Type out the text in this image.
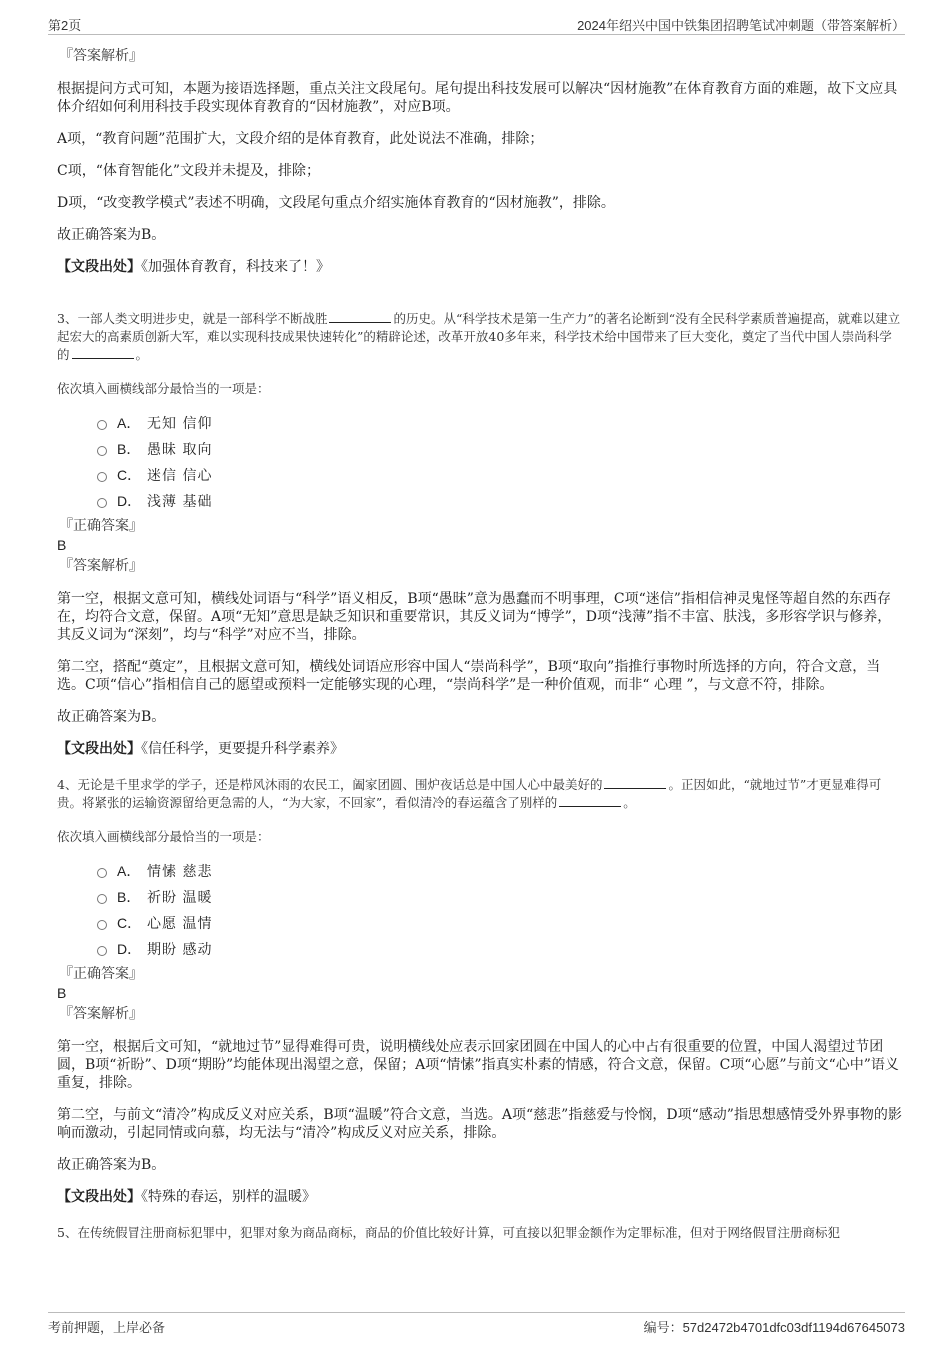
第2页	2024年绍兴中国中铁集团招聘笔试冲刺题（带答案解析）
『答案解析』

根据提问方式可知，本题为接语选择题，重点关注文段尾句。尾句提出科技发展可以解决“因材施教”在体育教育方面的难题，故下文应具体介绍如何利用科技手段实现体育教育的“因材施教”，对应B项。

A项，“教育问题”范围扩大，文段介绍的是体育教育，此处说法不准确，排除；

C项，“体育智能化”文段并未提及，排除；

D项，“改变教学模式”表述不明确，文段尾句重点介绍实施体育教育的“因材施教”，排除。

故正确答案为B。

【文段出处】《加强体育教育，科技来了！》

3、一部人类文明进步史，就是一部科学不断战胜	的历史。从“科学技术是第一生产力”的著名论断到“没有全民科学素质普遍提高，就难以建立起宏大的高素质创新大军，难以实现科技成果快速转化”的精辟论述，改革开放40多年来，科学技术给中国带来了巨大变化，奠定了当代中国人崇尚科学的	。

依次填入画横线部分最恰当的一项是：

A． 无知 信仰
B． 愚昧 取向
C． 迷信 信心
D． 浅薄 基础
『正确答案』
B
『答案解析』

第一空，根据文意可知，横线处词语与“科学”语义相反，B项“愚昧”意为愚蠢而不明事理，C项“迷信”指相信神灵鬼怪等超自然的东西存在，均符合文意，保留。A项“无知”意思是缺乏知识和重要常识，其反义词为“博学”，D项“浅薄”指不丰富、肤浅，多形容学识与修养，其反义词为“深刻”，均与“科学”对应不当，排除。

第二空，搭配“奠定”，且根据文意可知，横线处词语应形容中国人“崇尚科学”，B项“取向”指推行事物时所选择的方向，符合文意，当选。C项“信心”指相信自己的愿望或预料一定能够实现的心理，“崇尚科学”是一种价值观，而非“ 心理 ”，与文意不符，排除。

故正确答案为B。

【文段出处】《信任科学，更要提升科学素养》

4、无论是千里求学的学子，还是栉风沐雨的农民工，阖家团圆、围炉夜话总是中国人心中最美好的	。正因如此，“就地过节”才更显难得可贵。将紧张的运输资源留给更急需的人，“为大家，不回家”，看似清冷的春运蕴含了别样的	。

依次填入画横线部分最恰当的一项是：

A． 情愫 慈悲
B． 祈盼 温暖
C． 心愿 温情
D． 期盼 感动
『正确答案』
B
『答案解析』

第一空，根据后文可知，“就地过节”显得难得可贵，说明横线处应表示回家团圆在中国人的心中占有很重要的位置，中国人渴望过节团圆，B项“祈盼”、D项“期盼”均能体现出渴望之意，保留；A项“情愫”指真实朴素的情感，符合文意，保留。C项“心愿”与前文“心中”语义重复，排除。

第二空，与前文“清冷”构成反义对应关系，B项“温暖”符合文意，当选。A项“慈悲”指慈爱与怜悯，D项“感动”指思想感情受外界事物的影响而激动，引起同情或向慕，均无法与“清冷”构成反义对应关系，排除。

故正确答案为B。

【文段出处】《特殊的春运，别样的温暖》

5、在传统假冒注册商标犯罪中，犯罪对象为商品商标，商品的价值比较好计算，可直接以犯罪金额作为定罪标准，但对于网络假冒注册商标犯

考前押题，上岸必备	编号：57d2472b4701dfc03df1194d67645073
